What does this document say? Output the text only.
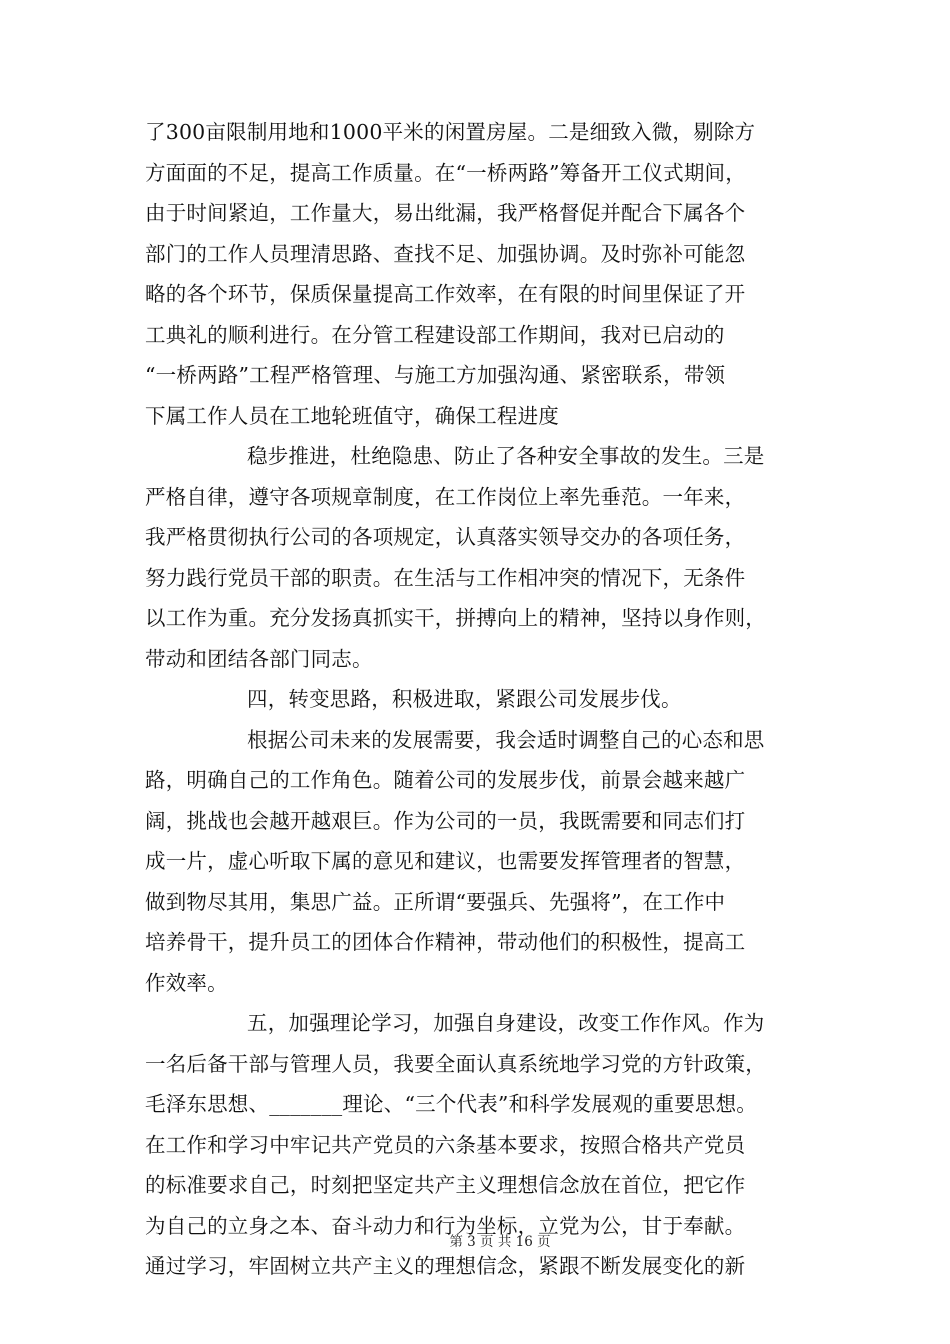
了300亩限制用地和1000平米的闲置房屋。二是细致入微，剔除方
方面面的不足，提高工作质量。在“一桥两路”筹备开工仪式期间，
由于时间紧迫，工作量大，易出纰漏，我严格督促并配合下属各个
部门的工作人员理清思路、查找不足、加强协调。及时弥补可能忽
略的各个环节，保质保量提高工作效率，在有限的时间里保证了开
工典礼的顺利进行。在分管工程建设部工作期间，我对已启动的
“一桥两路”工程严格管理、与施工方加强沟通、紧密联系，带领
下属工作人员在工地轮班值守，确保工程进度
稳步推进，杜绝隐患、防止了各种安全事故的发生。三是
严格自律，遵守各项规章制度，在工作岗位上率先垂范。一年来，
我严格贯彻执行公司的各项规定，认真落实领导交办的各项任务，
努力践行党员干部的职责。在生活与工作相冲突的情况下，无条件
以工作为重。充分发扬真抓实干，拼搏向上的精神，坚持以身作则，
带动和团结各部门同志。
四，转变思路，积极进取，紧跟公司发展步伐。
根据公司未来的发展需要，我会适时调整自己的心态和思
路，明确自己的工作角色。随着公司的发展步伐，前景会越来越广
阔，挑战也会越开越艰巨。作为公司的一员，我既需要和同志们打
成一片，虚心听取下属的意见和建议，也需要发挥管理者的智慧，
做到物尽其用，集思广益。正所谓“要强兵、先强将”，在工作中
培养骨干，提升员工的团体合作精神，带动他们的积极性，提高工
作效率。
五，加强理论学习，加强自身建设，改变工作作风。作为
一名后备干部与管理人员，我要全面认真系统地学习党的方针政策，
毛泽东思想、_______理论、“三个代表”和科学发展观的重要思想。
在工作和学习中牢记共产党员的六条基本要求，按照合格共产党员
的标准要求自己，时刻把坚定共产主义理想信念放在首位，把它作
为自己的立身之本、奋斗动力和行为坐标，立党为公，甘于奉献。
通过学习，牢固树立共产主义的理想信念，紧跟不断发展变化的新
第 3 页 共 16 页
